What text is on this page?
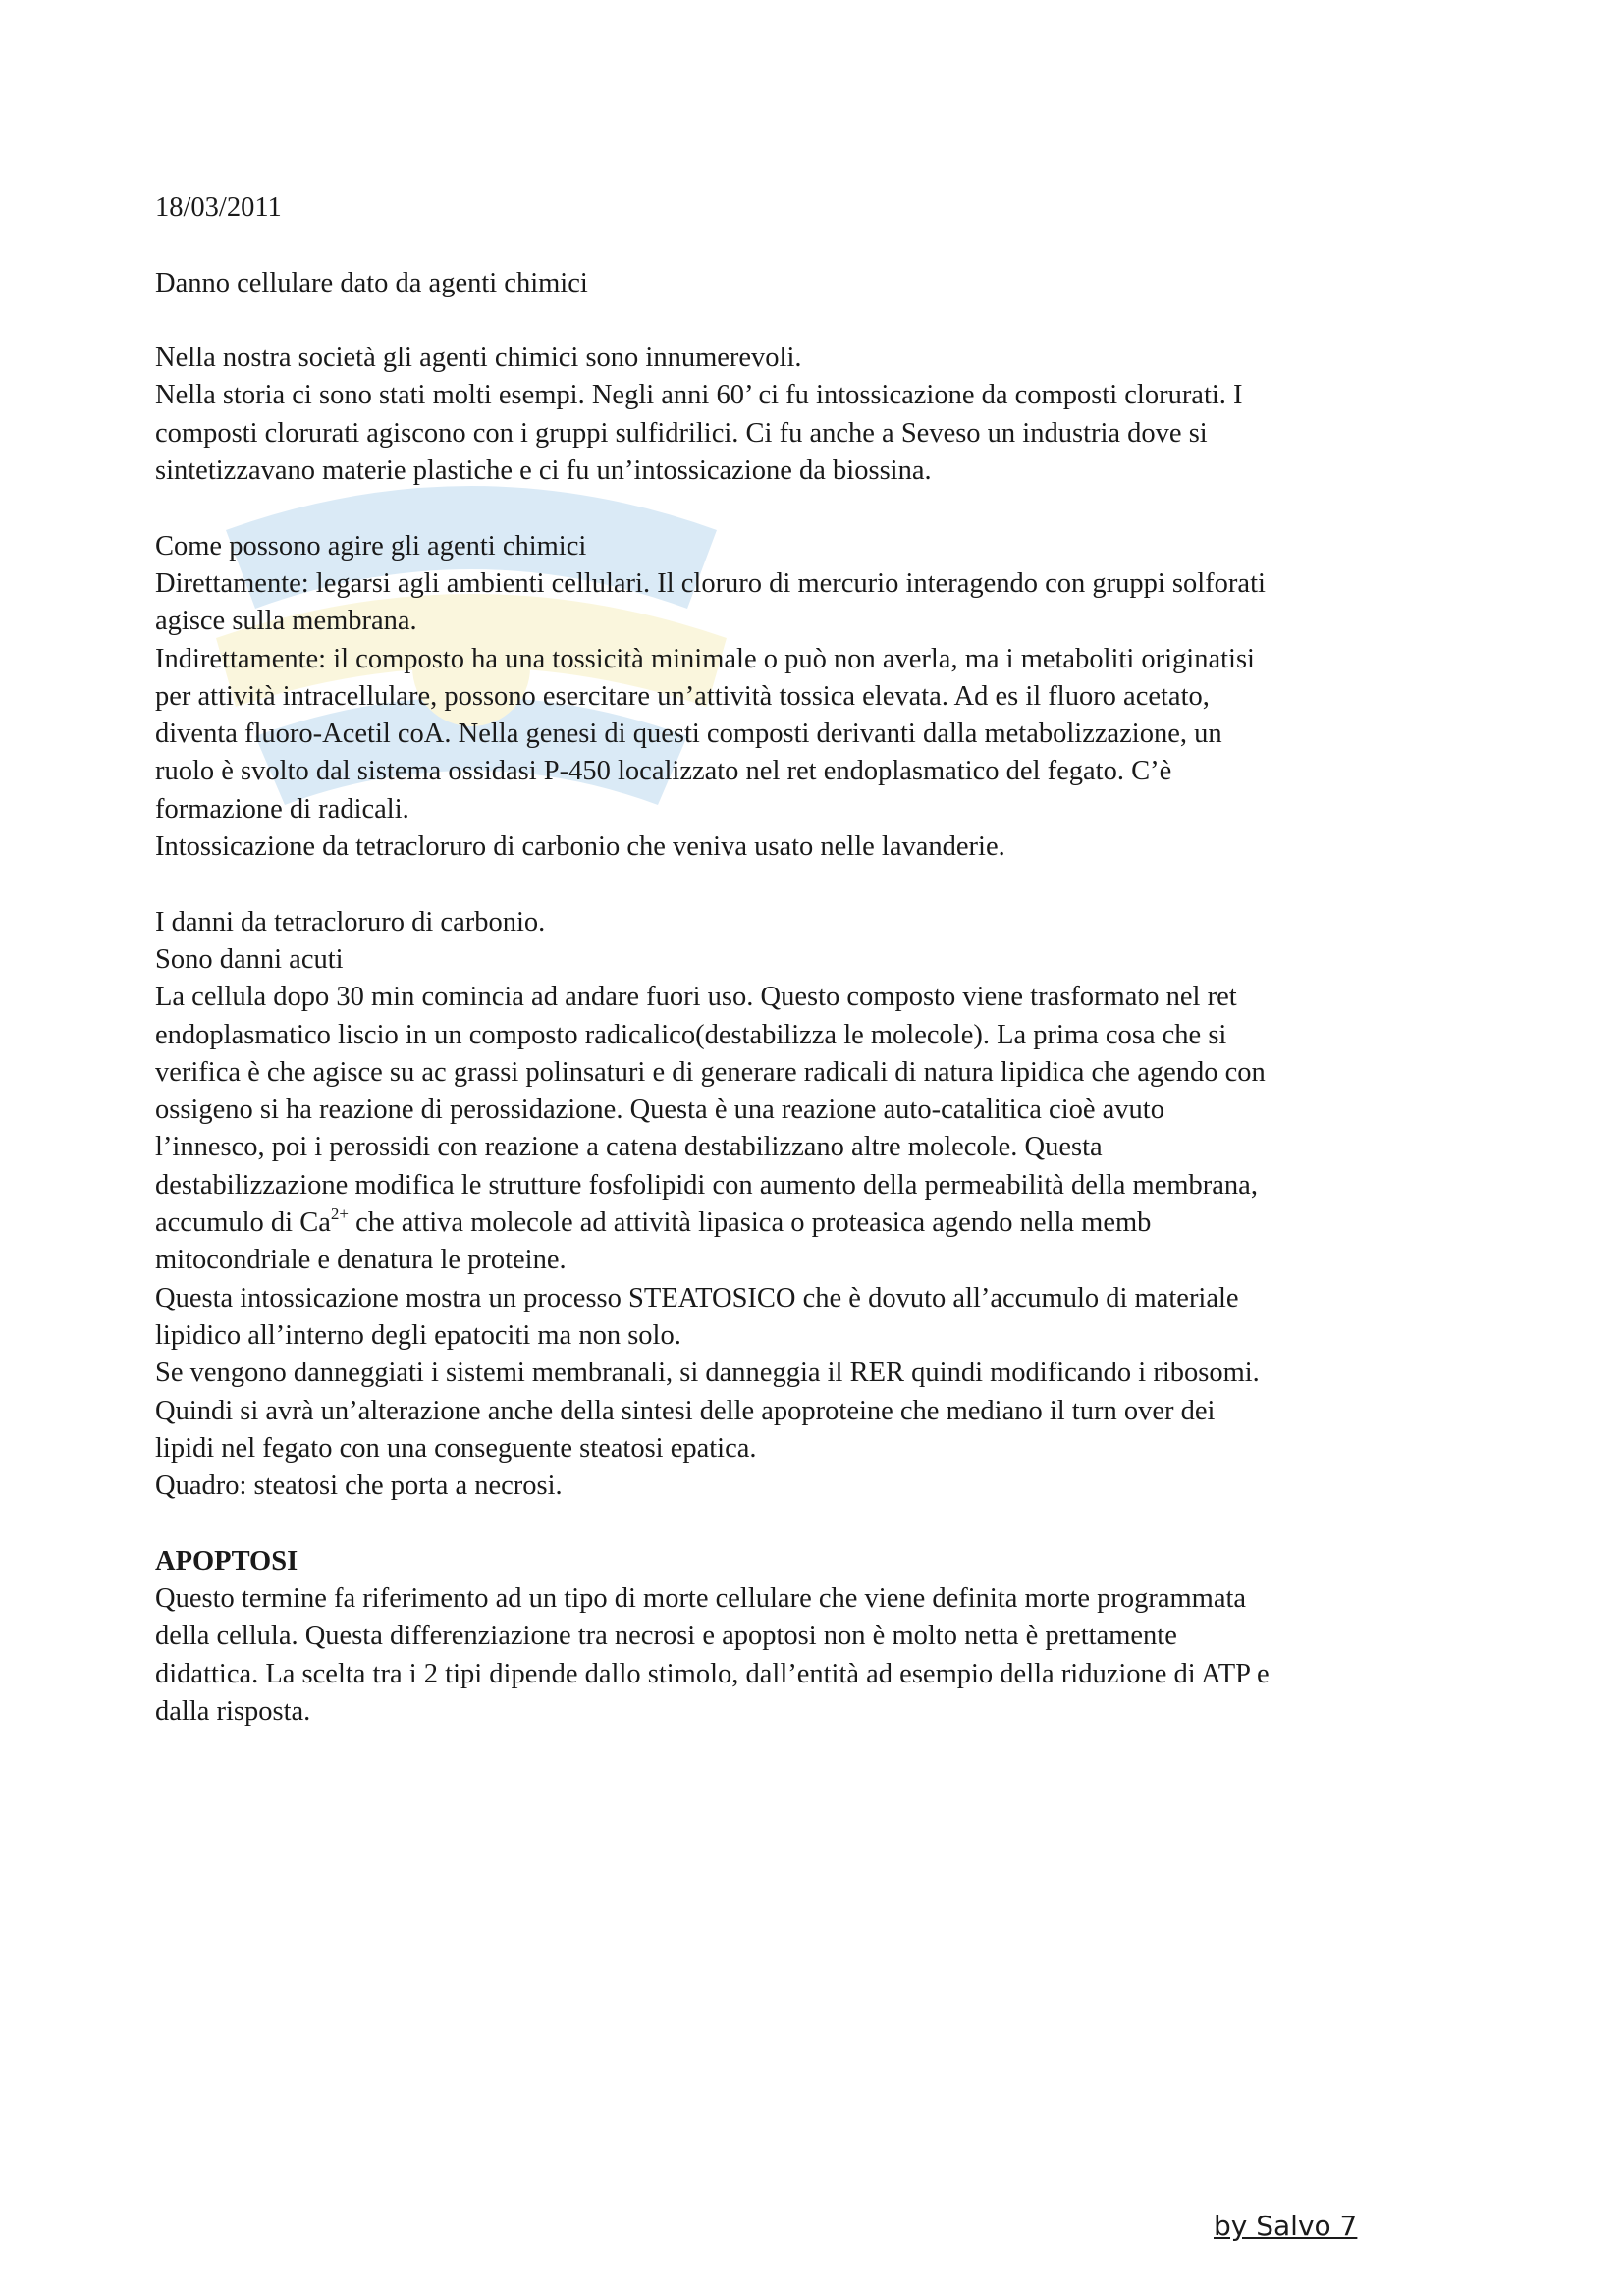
18/03/2011
Danno cellulare dato da agenti chimici
Nella nostra società gli agenti chimici sono innumerevoli.
Nella storia ci sono stati molti esempi. Negli anni 60’ ci fu intossicazione da composti clorurati. I
composti clorurati agiscono con i gruppi sulfidrilici. Ci fu anche a Seveso un industria dove si
sintetizzavano materie plastiche e ci fu un’intossicazione da biossina.
Come possono agire gli agenti chimici
Direttamente: legarsi agli ambienti cellulari. Il cloruro di mercurio interagendo con gruppi solforati
agisce sulla membrana.
Indirettamente: il composto ha una tossicità minimale o può non averla, ma i metaboliti originatisi
per attività intracellulare, possono esercitare un’attività tossica elevata. Ad es il fluoro acetato,
diventa fluoro-Acetil coA. Nella genesi di questi composti derivanti dalla metabolizzazione, un
ruolo è svolto dal sistema ossidasi P-450 localizzato nel ret endoplasmatico del fegato. C’è
formazione di radicali.
Intossicazione da tetracloruro di carbonio che veniva usato nelle lavanderie.
I danni da tetracloruro di carbonio.
Sono danni acuti
La cellula dopo 30 min comincia ad andare fuori uso. Questo composto viene trasformato nel ret
endoplasmatico liscio in un composto radicalico(destabilizza le molecole). La prima cosa che si
verifica è che agisce su ac grassi polinsaturi e di generare radicali di natura lipidica che agendo con
ossigeno si ha reazione di perossidazione. Questa è una reazione auto-catalitica cioè avuto
l’innesco, poi i perossidi con reazione a catena destabilizzano altre molecole. Questa
destabilizzazione modifica le strutture fosfolipidi con aumento della permeabilità della membrana,
accumulo di $Ca^{2+}$ che attiva molecole ad attività lipasica o proteasica agendo nella memb
mitocondriale e denatura le proteine.
Questa intossicazione mostra un processo STEATOSICO che è dovuto all’accumulo di materiale
lipidico all’interno degli epatociti ma non solo.
Se vengono danneggiati i sistemi membranali, si danneggia il RER quindi modificando i ribosomi.
Quindi si avrà un’alterazione anche della sintesi delle apoproteine che mediano il turn over dei
lipidi nel fegato con una conseguente steatosi epatica.
Quadro: steatosi che porta a necrosi.
APOPTOSI
Questo termine fa riferimento ad un tipo di morte cellulare che viene definita morte programmata
della cellula. Questa differenziazione tra necrosi e apoptosi non è molto netta è prettamente
didattica. La scelta tra i 2 tipi dipende dallo stimolo, dall’entità ad esempio della riduzione di ATP e
dalla risposta.
by Salvo 7
